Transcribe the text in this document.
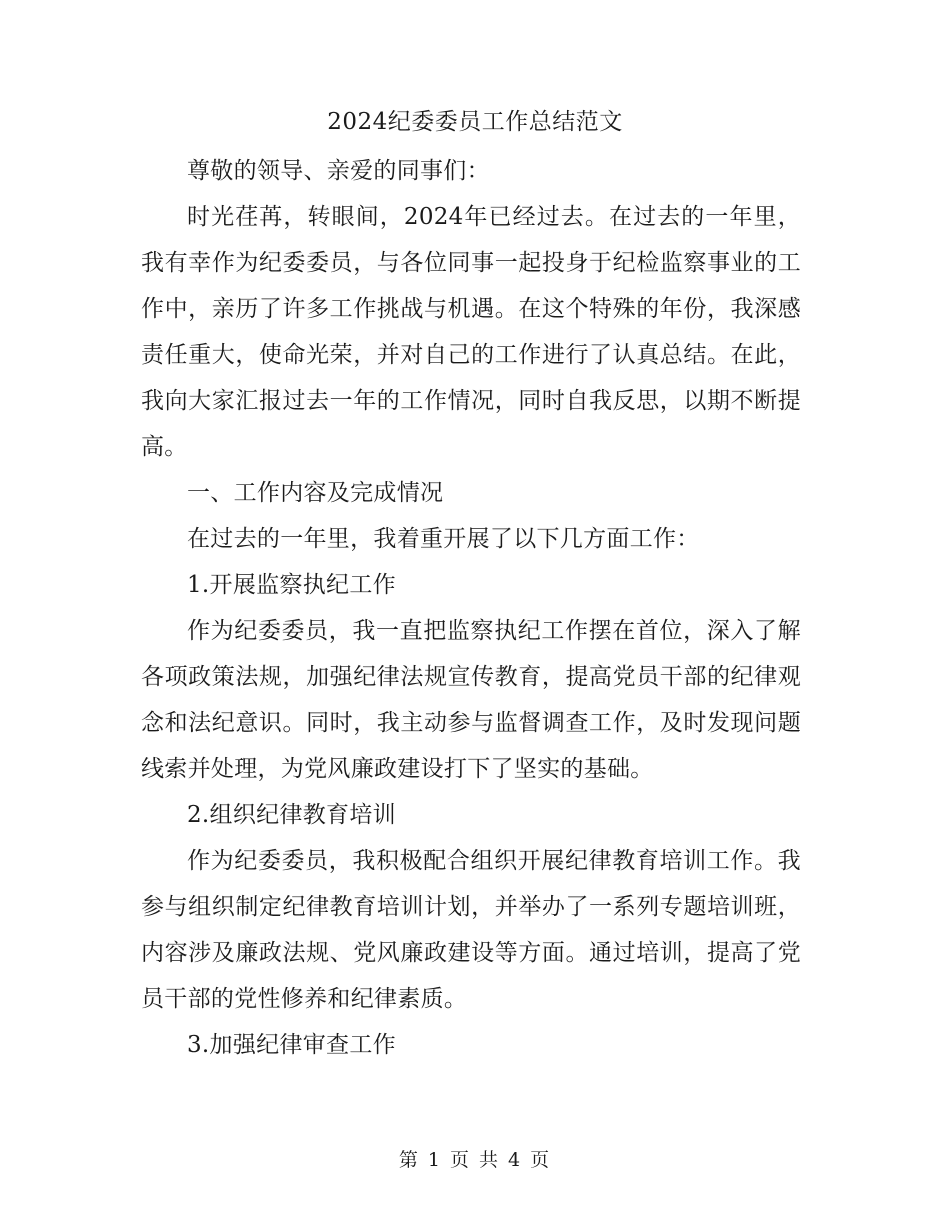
2024纪委委员工作总结范文

尊敬的领导、亲爱的同事们：

时光荏苒，转眼间，2024年已经过去。在过去的一年里，我有幸作为纪委委员，与各位同事一起投身于纪检监察事业的工作中，亲历了许多工作挑战与机遇。在这个特殊的年份，我深感责任重大，使命光荣，并对自己的工作进行了认真总结。在此，我向大家汇报过去一年的工作情况，同时自我反思，以期不断提高。

一、工作内容及完成情况

在过去的一年里，我着重开展了以下几方面工作：

1.开展监察执纪工作

作为纪委委员，我一直把监察执纪工作摆在首位，深入了解各项政策法规，加强纪律法规宣传教育，提高党员干部的纪律观念和法纪意识。同时，我主动参与监督调查工作，及时发现问题线索并处理，为党风廉政建设打下了坚实的基础。

2.组织纪律教育培训

作为纪委委员，我积极配合组织开展纪律教育培训工作。我参与组织制定纪律教育培训计划，并举办了一系列专题培训班，内容涉及廉政法规、党风廉政建设等方面。通过培训，提高了党员干部的党性修养和纪律素质。

3.加强纪律审查工作

第 1 页 共 4 页
